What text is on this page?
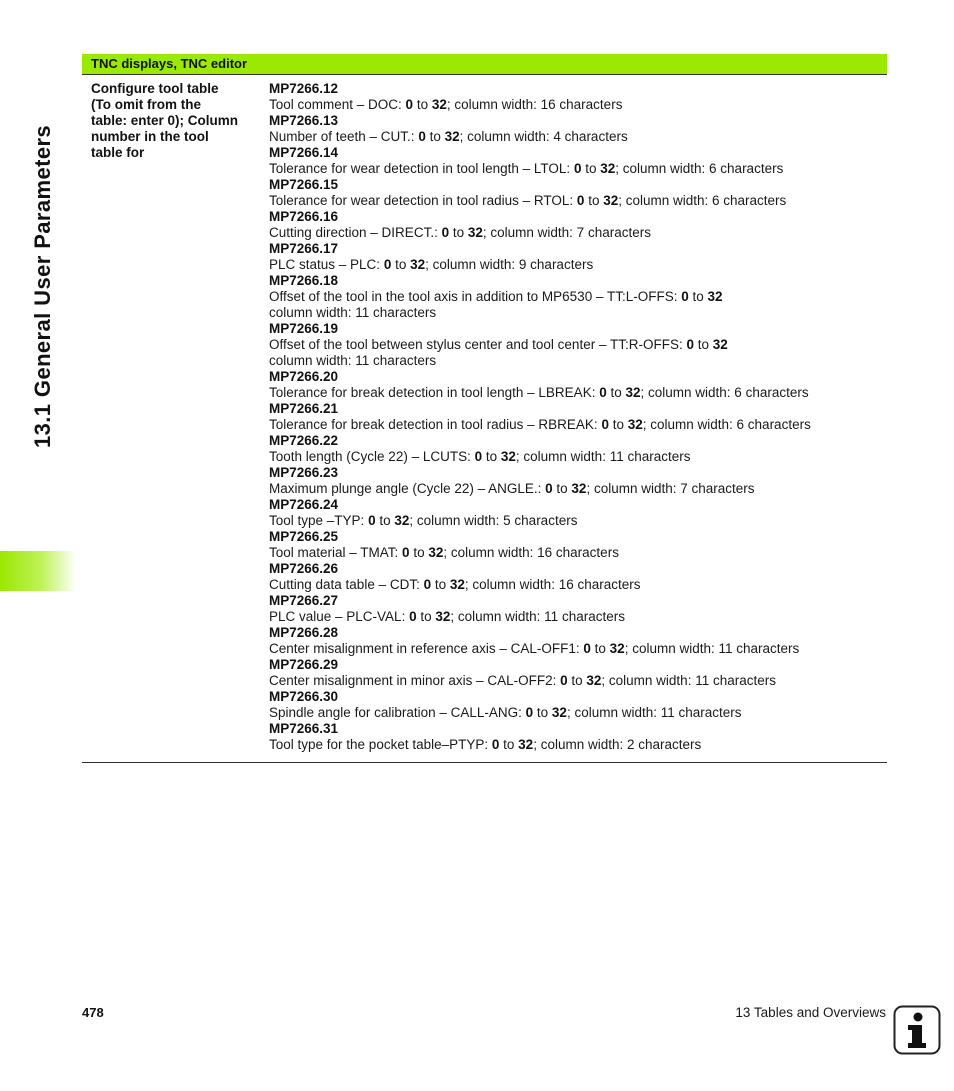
13.1 General User Parameters
TNC displays, TNC editor
Configure tool table
(To omit from the
table: enter 0); Column
number in the tool
table for
MP7266.12
Tool comment – DOC: 0 to 32; column width: 16 characters
MP7266.13
Number of teeth – CUT.: 0 to 32; column width: 4 characters
MP7266.14
Tolerance for wear detection in tool length – LTOL: 0 to 32; column width: 6 characters
MP7266.15
Tolerance for wear detection in tool radius – RTOL: 0 to 32; column width: 6 characters
MP7266.16
Cutting direction – DIRECT.: 0 to 32; column width: 7 characters
MP7266.17
PLC status – PLC: 0 to 32; column width: 9 characters
MP7266.18
Offset of the tool in the tool axis in addition to MP6530 – TT:L-OFFS: 0 to 32
column width: 11 characters
MP7266.19
Offset of the tool between stylus center and tool center – TT:R-OFFS: 0 to 32
column width: 11 characters
MP7266.20
Tolerance for break detection in tool length – LBREAK: 0 to 32; column width: 6 characters
MP7266.21
Tolerance for break detection in tool radius – RBREAK: 0 to 32; column width: 6 characters
MP7266.22
Tooth length (Cycle 22) – LCUTS: 0 to 32; column width: 11 characters
MP7266.23
Maximum plunge angle (Cycle 22) – ANGLE.: 0 to 32; column width: 7 characters
MP7266.24
Tool type –TYP: 0 to 32; column width: 5 characters
MP7266.25
Tool material – TMAT: 0 to 32; column width: 16 characters
MP7266.26
Cutting data table – CDT: 0 to 32; column width: 16 characters
MP7266.27
PLC value – PLC-VAL: 0 to 32; column width: 11 characters
MP7266.28
Center misalignment in reference axis – CAL-OFF1: 0 to 32; column width: 11 characters
MP7266.29
Center misalignment in minor axis – CAL-OFF2: 0 to 32; column width: 11 characters
MP7266.30
Spindle angle for calibration – CALL-ANG: 0 to 32; column width: 11 characters
MP7266.31
Tool type for the pocket table–PTYP: 0 to 32; column width: 2 characters
478	13 Tables and Overviews
